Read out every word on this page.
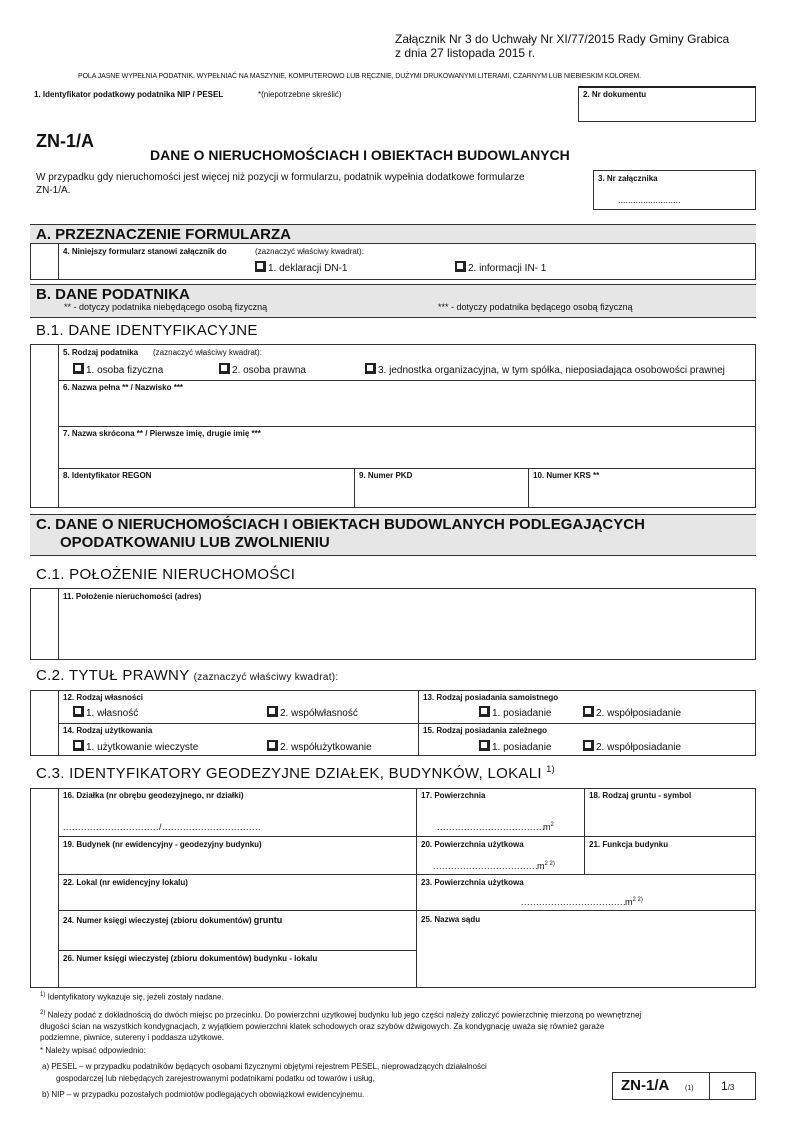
Załącznik Nr 3 do Uchwały Nr XI/77/2015 Rady Gminy Grabica
z dnia 27 listopada 2015 r.
POLA JASNE WYPEŁNIA PODATNIK. WYPEŁNIAĆ NA MASZYNIE, KOMPUTEROWO LUB RĘCZNIE, DUŻYMI DRUKOWANYMI LITERAMI, CZARNYM LUB NIEBIESKIM KOLOREM.
1. Identyfikator podatkowy podatnika NIP / PESEL	*(niepotrzebne skreślić)	2. Nr dokumentu
ZN-1/A
DANE O NIERUCHOMOŚCIACH I OBIEKTACH BUDOWLANYCH
W przypadku gdy nieruchomości jest więcej niż pozycji w formularzu, podatnik wypełnia dodatkowe formularze
ZN-1/A.
3. Nr załącznika
.........................
A. PRZEZNACZENIE FORMULARZA
4. Niniejszy formularz stanowi załącznik do	(zaznaczyć właściwy kwadrat):
1. deklaracji DN-1	2. informacji IN- 1
B. DANE PODATNIKA
** - dotyczy podatnika niebędącego osobą fizyczną	*** - dotyczy podatnika będącego osobą fizyczną
B.1. DANE IDENTYFIKACYJNE
5. Rodzaj podatnika (zaznaczyć właściwy kwadrat):
1. osoba fizyczna	2. osoba prawna	3. jednostka organizacyjna, w tym spółka, nieposiadająca osobowości prawnej
6. Nazwa pełna ** / Nazwisko ***
7. Nazwa skrócona ** / Pierwsze imię, drugie imię ***
8. Identyfikator REGON	9. Numer PKD	10. Numer KRS **
C. DANE O NIERUCHOMOŚCIACH I OBIEKTACH BUDOWLANYCH PODLEGAJĄCYCH
OPODATKOWANIU LUB ZWOLNIENIU
C.1. POŁOŻENIE NIERUCHOMOŚCI
11. Położenie nieruchomości (adres)
C.2. TYTUŁ PRAWNY (zaznaczyć właściwy kwadrat):
12. Rodzaj własności
1. własność	2. współwłasność
13. Rodzaj posiadania samoistnego
1. posiadanie	2. współposiadanie
14. Rodzaj użytkowania
1. użytkowanie wieczyste	2. współużytkowanie
15. Rodzaj posiadania zależnego
1. posiadanie	2. współposiadanie
C.3. IDENTYFIKATORY GEODEZYJNE DZIAŁEK, BUDYNKÓW, LOKALI $^{1)}$
16. Działka (nr obrębu geodezyjnego, nr działki)
................................/.................................
17. Powierzchnia
....................................
$m^2$
18. Rodzaj gruntu - symbol
19. Budynek (nr ewidencyjny - geodezyjny budynku)	20. Powierzchnia użytkowa
...................................
$m^{2 2)}$
21. Funkcja budynku
22. Lokal (nr ewidencyjny lokalu)	23. Powierzchnia użytkowa
...................................
$m^{2 2)}$
24. Numer księgi wieczystej (zbioru dokumentów) gruntu	25. Nazwa sądu
26. Numer księgi wieczystej (zbioru dokumentów) budynku - lokalu
$^{1)}$ Identyfikatory wykazuje się, jeżeli zostały nadane.
$^{2)}$ Należy podać z dokładnością do dwóch miejsc po przecinku. Do powierzchni użytkowej budynku lub jego części należy zaliczyć powierzchnię mierzoną po wewnętrznej
długości ścian na wszystkich kondygnacjach, z wyjątkiem powierzchni klatek schodowych oraz szybów dźwigowych. Za kondygnację uważa się również garaże
podziemne, piwnice, sutereny i poddasza użytkowe.
* Należy wpisać odpowiednio:
a) PESEL – w przypadku podatników będących osobami fizycznymi objętymi rejestrem PESEL, nieprowadzących działalności
gospodarczej lub niebędących zarejestrowanymi podatnikami podatku od towarów i usług,
b) NIP – w przypadku pozostałych podmiotów podlegających obowiązkowi ewidencyjnemu.
ZN-1/A (1) 1/3
